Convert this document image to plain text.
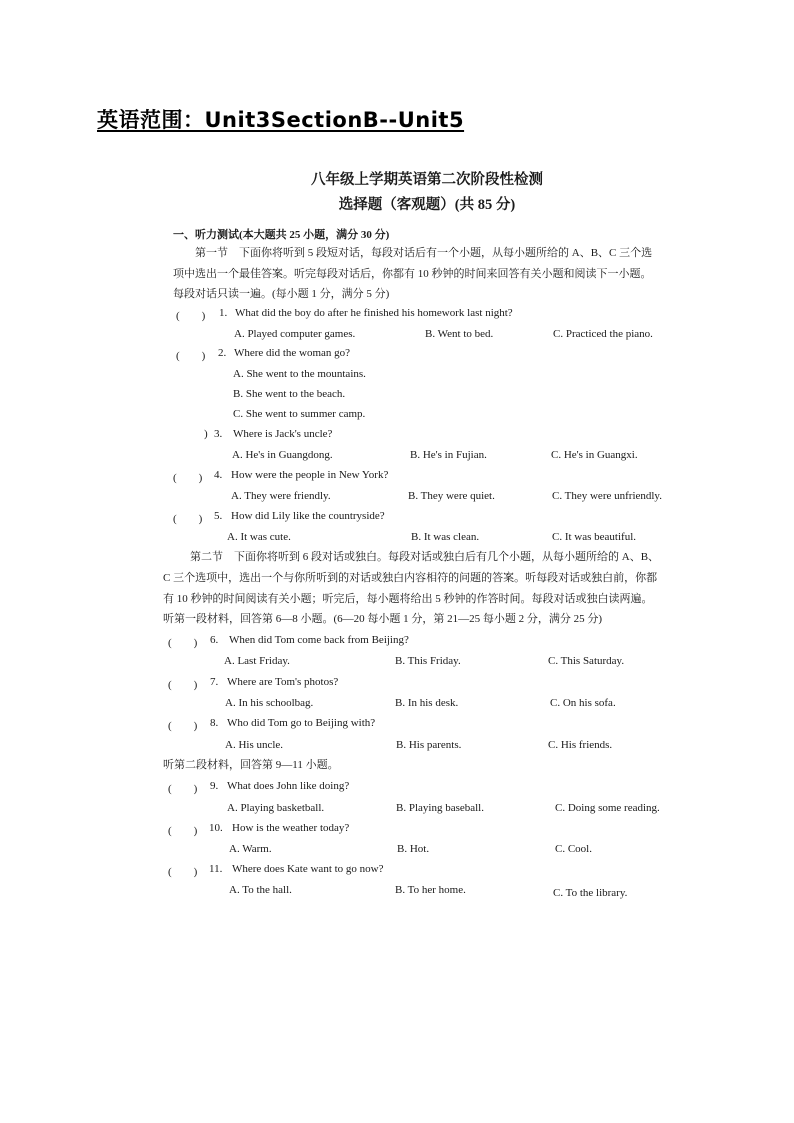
英语范围：Unit3SectionB--Unit5
八年级上学期英语第二次阶段性检测
选择题（客观题）(共 85 分)
一、听力测试(本大题共 25 小题，满分 30 分)
第一节　下面你将听到 5 段短对话，每段对话后有一个小题，从每小题所给的 A、B、C 三个选
项中选出一个最佳答案。听完每段对话后，你都有 10 秒钟的时间来回答有关小题和阅读下一小题。
每段对话只读一遍。(每小题 1 分，满分 5 分)
(　　) 1. What did the boy do after he finished his homework last night?
A. Played computer games.	B. Went to bed.	C. Practiced the piano.
(　　) 2. Where did the woman go?
A. She went to the mountains.
B. She went to the beach.
C. She went to summer camp.
) 3. Where is Jack's uncle?
A. He's in Guangdong.	B. He's in Fujian.	C. He's in Guangxi.
(　　) 4. How were the people in New York?
A. They were friendly.	B. They were quiet.	C. They were unfriendly.
(　　) 5. How did Lily like the countryside?
A. It was cute.	B. It was clean.	C. It was beautiful.
第二节　下面你将听到 6 段对话或独白。每段对话或独白后有几个小题，从每小题所给的 A、B、
C 三个选项中，选出一个与你所听到的对话或独白内容相符的问题的答案。听每段对话或独白前，你都
有 10 秒钟的时间阅读有关小题；听完后，每小题将给出 5 秒钟的作答时间。每段对话或独白读两遍。
听第一段材料，回答第 6—8 小题。(6—20 每小题 1 分，第 21—25 每小题 2 分，满分 25 分)
(　　) 6. When did Tom come back from Beijing?
A. Last Friday.	B. This Friday.	C. This Saturday.
(　　) 7. Where are Tom's photos?
A. In his schoolbag.	B. In his desk.	C. On his sofa.
(　　) 8. Who did Tom go to Beijing with?
A. His uncle.	B. His parents.	C. His friends.
听第二段材料，回答第 9—11 小题。
(　　) 9. What does John like doing?
A. Playing basketball.	B. Playing baseball.	C. Doing some reading.
(　　) 10. How is the weather today?
A. Warm.	B. Hot.	C. Cool.
(　　) 11. Where does Kate want to go now?
A. To the hall.	B. To her home.	C. To the library.
